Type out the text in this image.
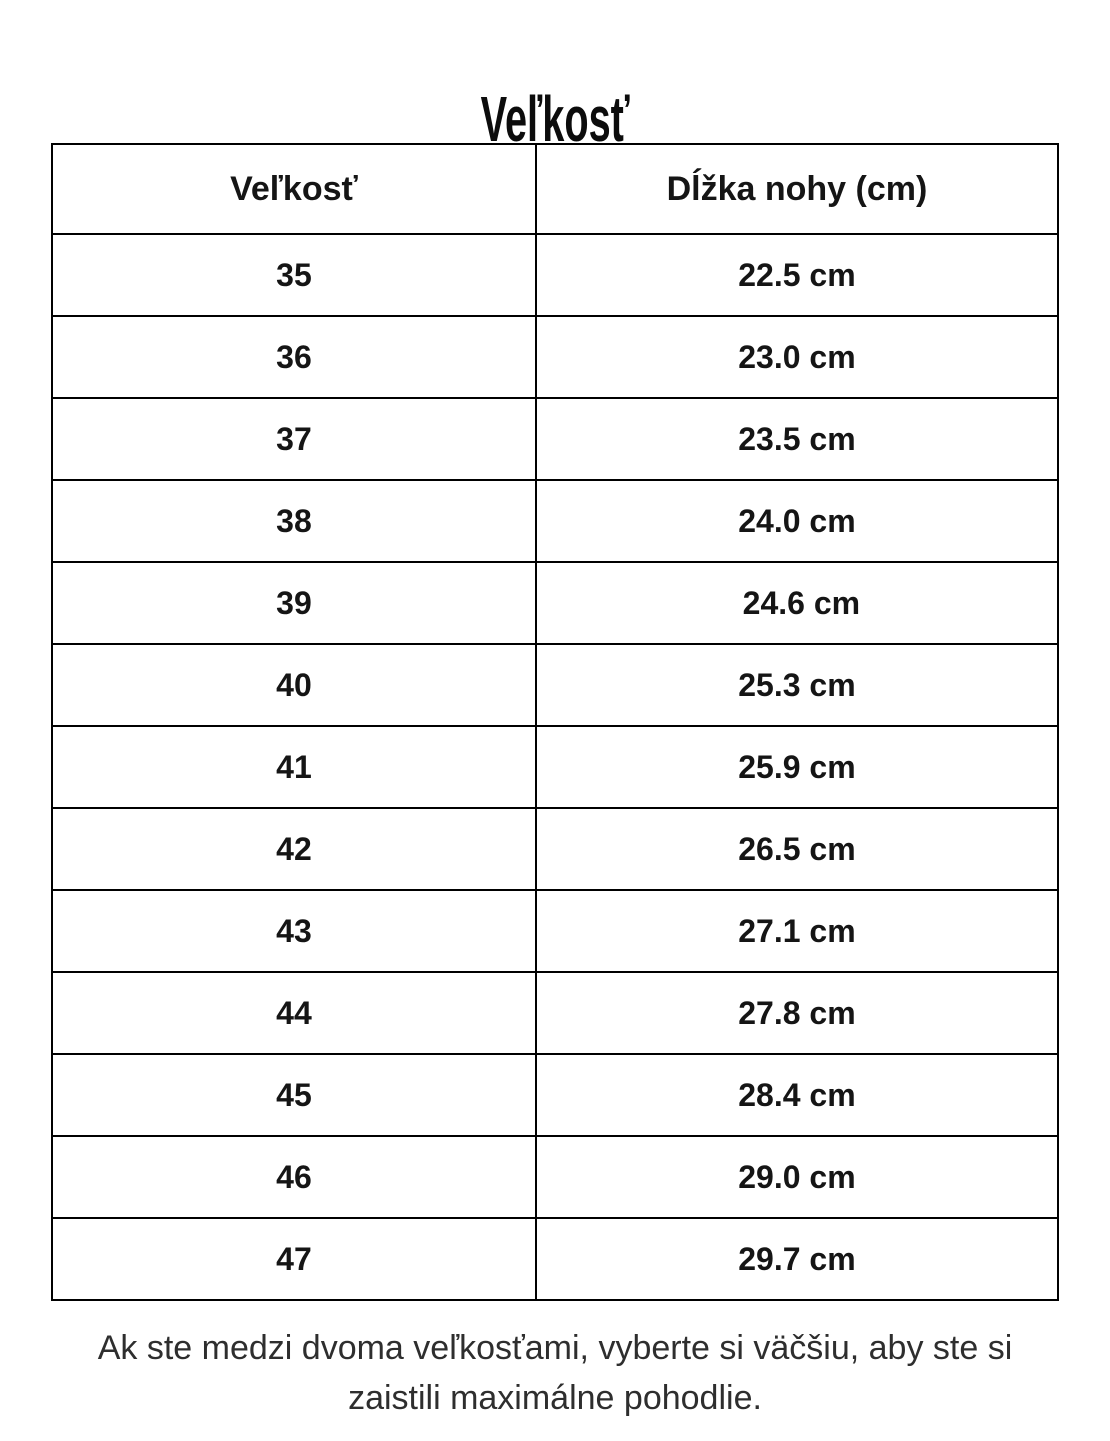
Veľkosť
Veľkosť	Dĺžka nohy (cm)
35	22.5 cm
36	23.0 cm
37	23.5 cm
38	24.0 cm
39	24.6 cm
40	25.3 cm
41	25.9 cm
42	26.5 cm
43	27.1 cm
44	27.8 cm
45	28.4 cm
46	29.0 cm
47	29.7 cm
Ak ste medzi dvoma veľkosťami, vyberte si väčšiu, aby ste si
zaistili maximálne pohodlie.
